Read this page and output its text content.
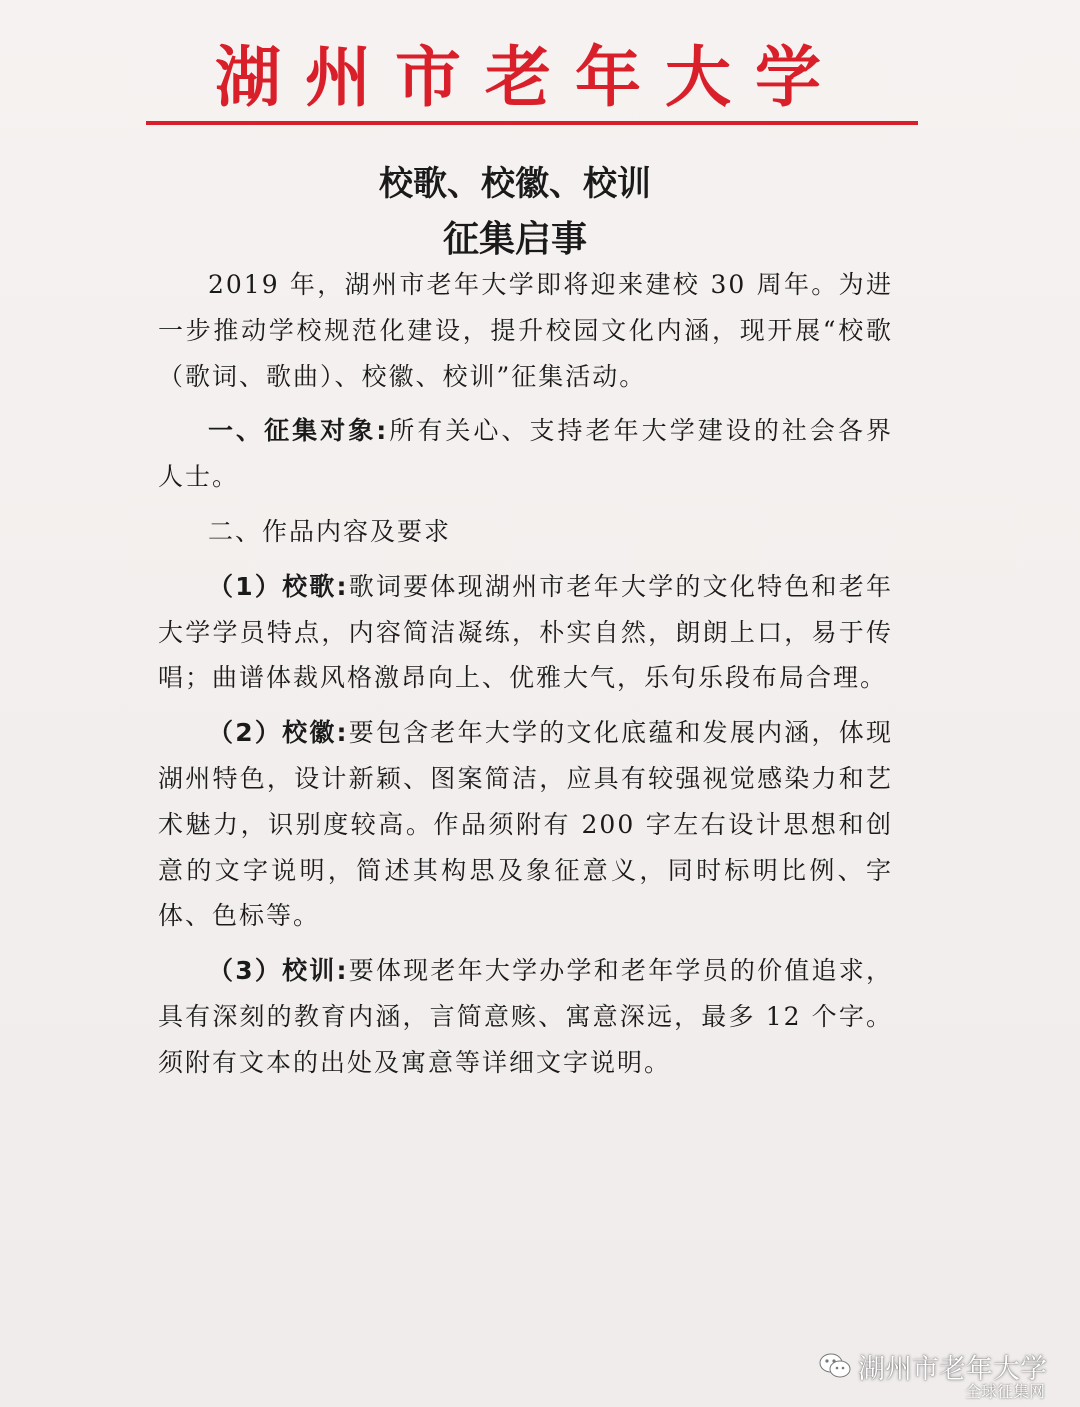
湖州市老年大学
校歌、校徽、校训
征集启事

2019 年，湖州市老年大学即将迎来建校 30 周年。为进一步推动学校规范化建设，提升校园文化内涵，现开展“校歌（歌词、歌曲）、校徽、校训”征集活动。

一、征集对象:所有关心、支持老年大学建设的社会各界人士。

二、作品内容及要求

（1）校歌:歌词要体现湖州市老年大学的文化特色和老年大学学员特点，内容简洁凝练，朴实自然，朗朗上口，易于传唱；曲谱体裁风格激昂向上、优雅大气，乐句乐段布局合理。

（2）校徽:要包含老年大学的文化底蕴和发展内涵，体现湖州特色，设计新颖、图案简洁，应具有较强视觉感染力和艺术魅力，识别度较高。作品须附有 200 字左右设计思想和创意的文字说明，简述其构思及象征意义，同时标明比例、字体、色标等。

（3）校训:要体现老年大学办学和老年学员的价值追求，具有深刻的教育内涵，言简意赅、寓意深远，最多 12 个字。须附有文本的出处及寓意等详细文字说明。

湖州市老年大学
全球征集网
